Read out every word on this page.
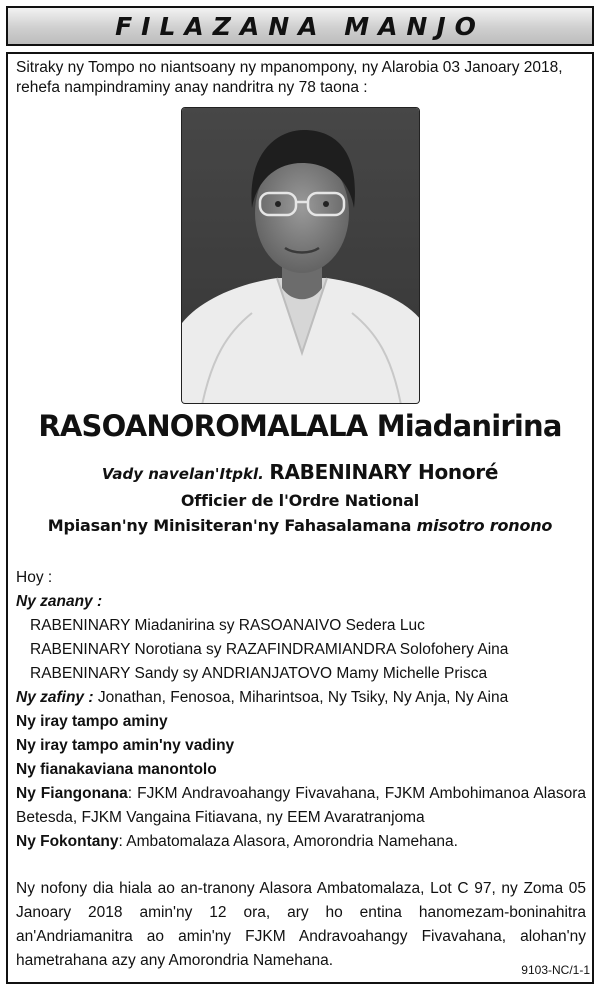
FILAZANA MANJO
Sitraky ny Tompo no niantsoany ny mpanompony, ny Alarobia 03 Janoary 2018, rehefa nampindraminy anay nandritra ny 78 taona :
RASOANOROMALALA Miadanirina
Vady navelan'Itpkl. RABENINARY Honoré
Officier de l'Ordre National
Mpiasan'ny Minisiteran'ny Fahasalamana misotro ronono
Hoy :
Ny zanany :
RABENINARY Miadanirina sy RASOANAIVO Sedera Luc
RABENINARY Norotiana sy RAZAFINDRAMIANDRA Solofohery Aina
RABENINARY Sandy sy ANDRIANJATOVO Mamy Michelle Prisca
Ny zafiny : Jonathan, Fenosoa, Miharintsoa, Ny Tsiky, Ny Anja, Ny Aina
Ny iray tampo aminy
Ny iray tampo amin'ny vadiny
Ny fianakaviana manontolo
Ny Fiangonana: FJKM Andravoahangy Fivavahana, FJKM Ambohimanoa Alasora Betesda, FJKM Vangaina Fitiavana, ny EEM Avaratranjoma
Ny Fokontany: Ambatomalaza Alasora, Amorondria Namehana.
Ny nofony dia hiala ao an-tranony Alasora Ambatomalaza, Lot C 97, ny Zoma 05 Janoary 2018 amin'ny 12 ora, ary ho entina hanomezam-boninahitra an'Andriamanitra ao amin'ny FJKM Andravoahangy Fivavahana, alohan'ny hametrahana azy any Amorondria Namehana.
9103-NC/1-1
